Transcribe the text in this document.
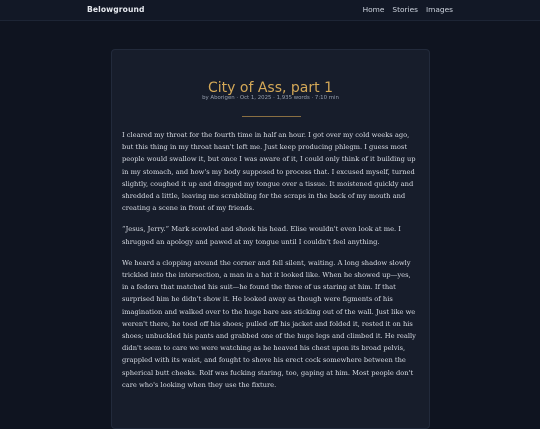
Belowground	Home Stories Images
City of Ass, part 1
by Aborigen · Oct 1, 2025 · 1,935 words · 7:10 min

I cleared my throat for the fourth time in half an hour. I got over my cold weeks ago, but this thing in my throat hasn't left me. Just keep producing phlegm. I guess most people would swallow it, but once I was aware of it, I could only think of it building up in my stomach, and how's my body supposed to process that. I excused myself, turned slightly, coughed it up and dragged my tongue over a tissue. It moistened quickly and shredded a little, leaving me scrabbling for the scraps in the back of my mouth and creating a scene in front of my friends.

“Jesus, Jerry.” Mark scowled and shook his head. Elise wouldn't even look at me. I shrugged an apology and pawed at my tongue until I couldn't feel anything.

We heard a clopping around the corner and fell silent, waiting. A long shadow slowly trickled into the intersection, a man in a hat it looked like. When he showed up—yes, in a fedora that matched his suit—he found the three of us staring at him. If that surprised him he didn't show it. He looked away as though were figments of his imagination and walked over to the huge bare ass sticking out of the wall. Just like we weren't there, he toed off his shoes; pulled off his jacket and folded it, rested it on his shoes; unbuckled his pants and grabbed one of the huge legs and climbed it. He really didn't seem to care we were watching as he heaved his chest upon its broad pelvis, grappled with its waist, and fought to shove his erect cock somewhere between the spherical butt cheeks. Rolf was fucking staring, too, gaping at him. Most people don't care who's looking when they use the fixture.
